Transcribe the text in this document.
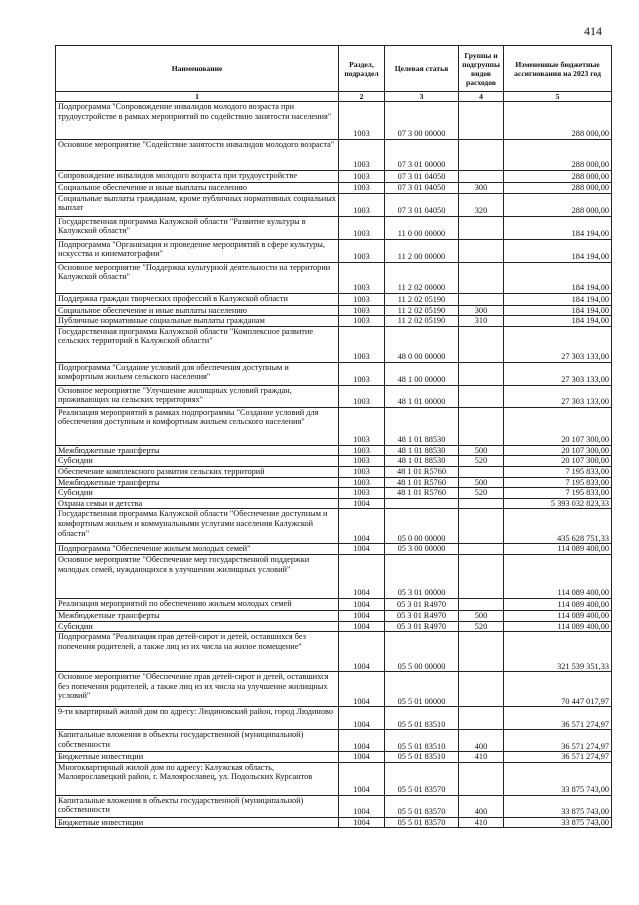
414
Наименование	Раздел, подраздел	Целевая статья	Группы и подгруппы видов расходов	Измененные бюджетные ассигнования на 2023 год
1	2	3	4	5
Подпрограмма "Сопровождение инвалидов молодого возраста при трудоустройстве в рамках мероприятий по содействию занятости населения"	1003	07 3 00 00000		288 000,00
Основное мероприятие "Содействие занятости инвалидов молодого возраста"	1003	07 3 01 00000		288 000,00
Сопровождение инвалидов молодого возраста при трудоустройстве	1003	07 3 01 04050		288 000,00
Социальное обеспечение и иные выплаты населению	1003	07 3 01 04050	300	288 000,00
Социальные выплаты гражданам, кроме публичных нормативных социальных выплат	1003	07 3 01 04050	320	288 000,00
Государственная программа Калужской области "Развитие культуры в Калужской области"	1003	11 0 00 00000		184 194,00
Подпрограмма "Организация и проведение мероприятий в сфере культуры, искусства и кинематографии"	1003	11 2 00 00000		184 194,00
Основное мероприятие "Поддержка культурной деятельности на территории Калужской области"	1003	11 2 02 00000		184 194,00
Поддержка граждан творческих профессий в Калужской области	1003	11 2 02 05190		184 194,00
Социальное обеспечение и иные выплаты населению	1003	11 2 02 05190	300	184 194,00
Публичные нормативные социальные выплаты гражданам	1003	11 2 02 05190	310	184 194,00
Государственная программа Калужской области "Комплексное развитие сельских территорий в Калужской области"	1003	48 0 00 00000		27 303 133,00
Подпрограмма "Создание условий для обеспечения доступным и комфортным жильем сельского населения"	1003	48 1 00 00000		27 303 133,00
Основное мероприятие "Улучшение жилищных условий граждан, проживающих на сельских территориях"	1003	48 1 01 00000		27 303 133,00
Реализация мероприятий в рамках подпрограммы "Создание условий для обеспечения доступным и комфортным жильем сельского населения"	1003	48 1 01 88530		20 107 300,00
Межбюджетные трансферты	1003	48 1 01 88530	500	20 107 300,00
Субсидии	1003	48 1 01 88530	520	20 107 300,00
Обеспечение комплексного развития сельских территорий	1003	48 1 01 R5760		7 195 833,00
Межбюджетные трансферты	1003	48 1 01 R5760	500	7 195 833,00
Субсидии	1003	48 1 01 R5760	520	7 195 833,00
Охрана семьи и детства	1004			5 393 032 823,33
Государственная программа Калужской области "Обеспечение доступным и комфортным жильем и коммунальными услугами населения Калужской области"	1004	05 0 00 00000		435 628 751,33
Подпрограмма "Обеспечение жильем молодых семей"	1004	05 3 00 00000		114 089 400,00
Основное мероприятие "Обеспечение мер государственной поддержки молодых семей, нуждающихся в улучшении жилищных условий"	1004	05 3 01 00000		114 089 400,00
Реализация мероприятий по обеспечению жильем молодых семей	1004	05 3 01 R4970		114 089 400,00
Межбюджетные трансферты	1004	05 3 01 R4970	500	114 089 400,00
Субсидии	1004	05 3 01 R4970	520	114 089 400,00
Подпрограмма "Реализация прав детей-сирот и детей, оставшихся без попечения родителей, а также лиц из их числа на жилое помещение"	1004	05 5 00 00000		321 539 351,33
Основное мероприятие "Обеспечение прав детей-сирот и детей, оставшихся без попечения родителей, а также лиц из их числа на улучшение жилищных условий"	1004	05 5 01 00000		70 447 017,97
9-ти квартирный жилой дом по адресу: Людиновский район, город Людиново	1004	05 5 01 83510		36 571 274,97
Капитальные вложения в объекты государственной (муниципальной) собственности	1004	05 5 01 83510	400	36 571 274,97
Бюджетные инвестиции	1004	05 5 01 83510	410	36 571 274,97
Многоквартирный жилой дом по адресу: Калужская область, Малоярославецкий район, г. Малоярославец, ул. Подольских Курсантов	1004	05 5 01 83570		33 875 743,00
Капитальные вложения в объекты государственной (муниципальной) собственности	1004	05 5 01 83570	400	33 875 743,00
Бюджетные инвестиции	1004	05 5 01 83570	410	33 875 743,00
